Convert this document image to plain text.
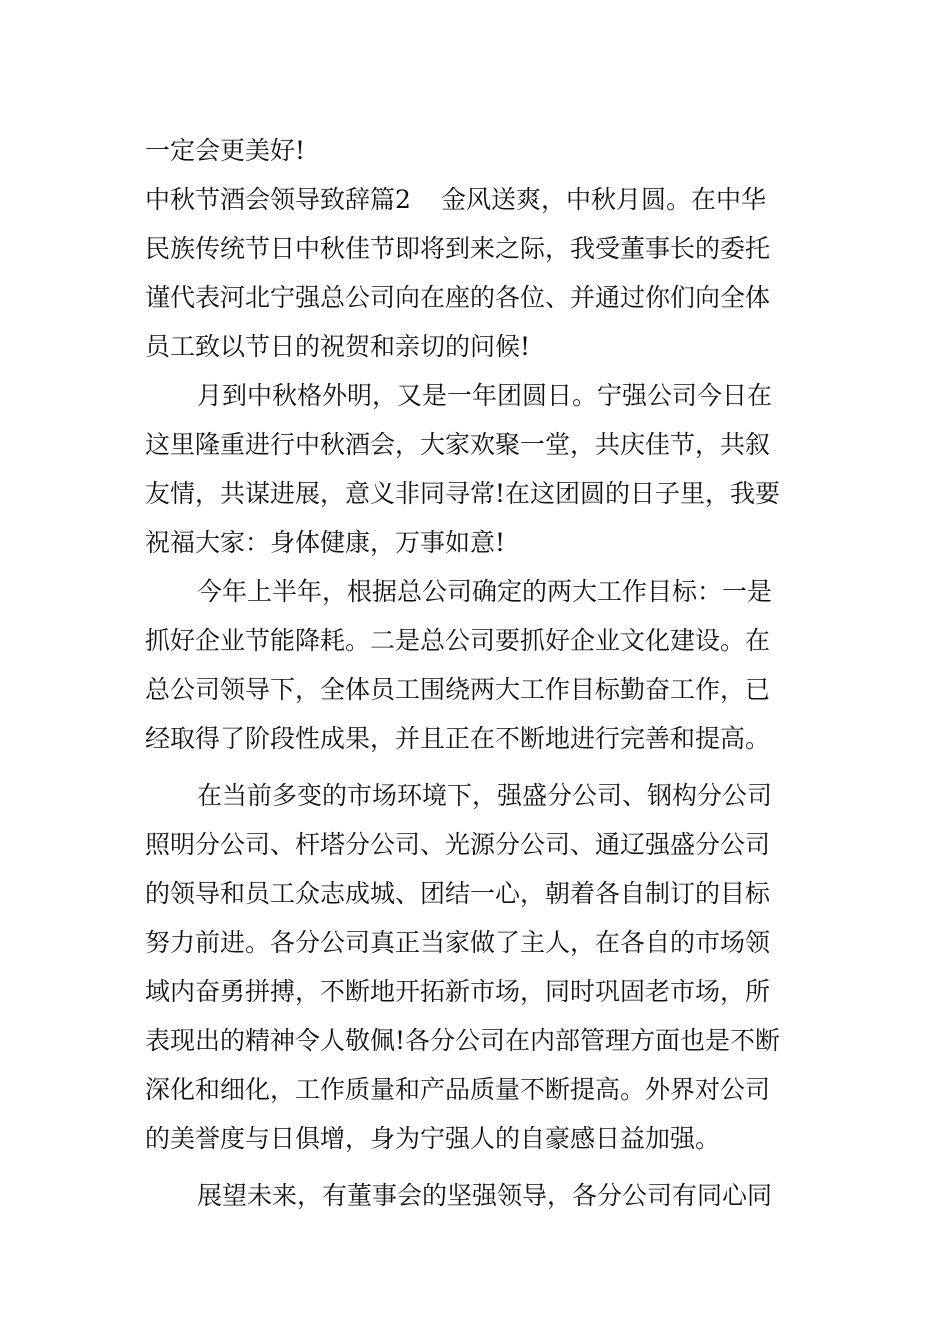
一定会更美好!
中秋节酒会领导致辞篇2 金风送爽，中秋月圆。在中华
民族传统节日中秋佳节即将到来之际，我受董事长的委托
谨代表河北宁强总公司向在座的各位、并通过你们向全体
员工致以节日的祝贺和亲切的问候!
月到中秋格外明，又是一年团圆日。宁强公司今日在
这里隆重进行中秋酒会，大家欢聚一堂，共庆佳节，共叙
友情，共谋进展，意义非同寻常!在这团圆的日子里，我要
祝福大家：身体健康，万事如意!
今年上半年，根据总公司确定的两大工作目标：一是
抓好企业节能降耗。二是总公司要抓好企业文化建设。在
总公司领导下，全体员工围绕两大工作目标勤奋工作，已
经取得了阶段性成果，并且正在不断地进行完善和提高。
在当前多变的市场环境下，强盛分公司、钢构分公司
照明分公司、杆塔分公司、光源分公司、通辽强盛分公司
的领导和员工众志成城、团结一心，朝着各自制订的目标
努力前进。各分公司真正当家做了主人，在各自的市场领
域内奋勇拼搏，不断地开拓新市场，同时巩固老市场，所
表现出的精神令人敬佩!各分公司在内部管理方面也是不断
深化和细化，工作质量和产品质量不断提高。外界对公司
的美誉度与日俱增，身为宁强人的自豪感日益加强。
展望未来，有董事会的坚强领导，各分公司有同心同
